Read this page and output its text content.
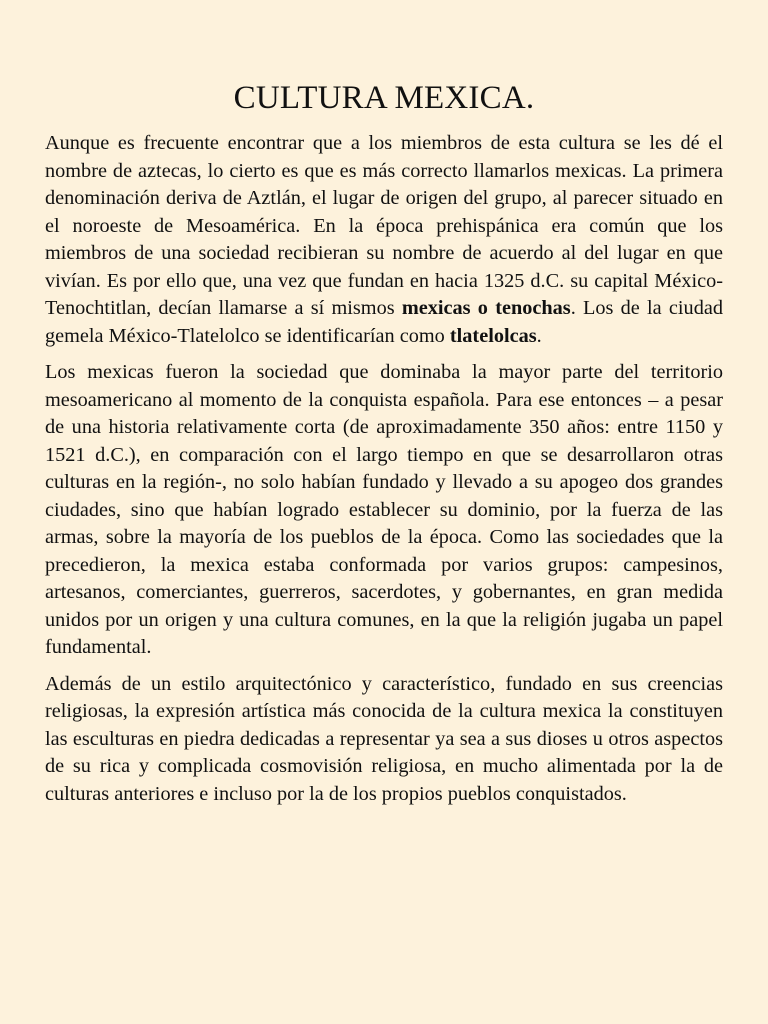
CULTURA MEXICA.

Aunque es frecuente encontrar que a los miembros de esta cultura se les dé el nombre de aztecas, lo cierto es que es más correcto llamarlos mexicas. La primera denominación deriva de Aztlán, el lugar de origen del grupo, al parecer situado en el noroeste de Mesoamérica. En la época prehispánica era común que los miembros de una sociedad recibieran su nombre de acuerdo al del lugar en que vivían. Es por ello que, una vez que fundan en hacia 1325 d.C. su capital México-Tenochtitlan, decían llamarse a sí mismos mexicas o tenochas. Los de la ciudad gemela México-Tlatelolco se identificarían como tlatelolcas.

Los mexicas fueron la sociedad que dominaba la mayor parte del territorio mesoamericano al momento de la conquista española. Para ese entonces – a pesar de una historia relativamente corta (de aproximadamente 350 años: entre 1150 y 1521 d.C.), en comparación con el largo tiempo en que se desarrollaron otras culturas en la región-, no solo habían fundado y llevado a su apogeo dos grandes ciudades, sino que habían logrado establecer su dominio, por la fuerza de las armas, sobre la mayoría de los pueblos de la época. Como las sociedades que la precedieron, la mexica estaba conformada por varios grupos: campesinos, artesanos, comerciantes, guerreros, sacerdotes, y gobernantes, en gran medida unidos por un origen y una cultura comunes, en la que la religión jugaba un papel fundamental.

Además de un estilo arquitectónico y característico, fundado en sus creencias religiosas, la expresión artística más conocida de la cultura mexica la constituyen las esculturas en piedra dedicadas a representar ya sea a sus dioses u otros aspectos de su rica y complicada cosmovisión religiosa, en mucho alimentada por la de culturas anteriores e incluso por la de los propios pueblos conquistados.
